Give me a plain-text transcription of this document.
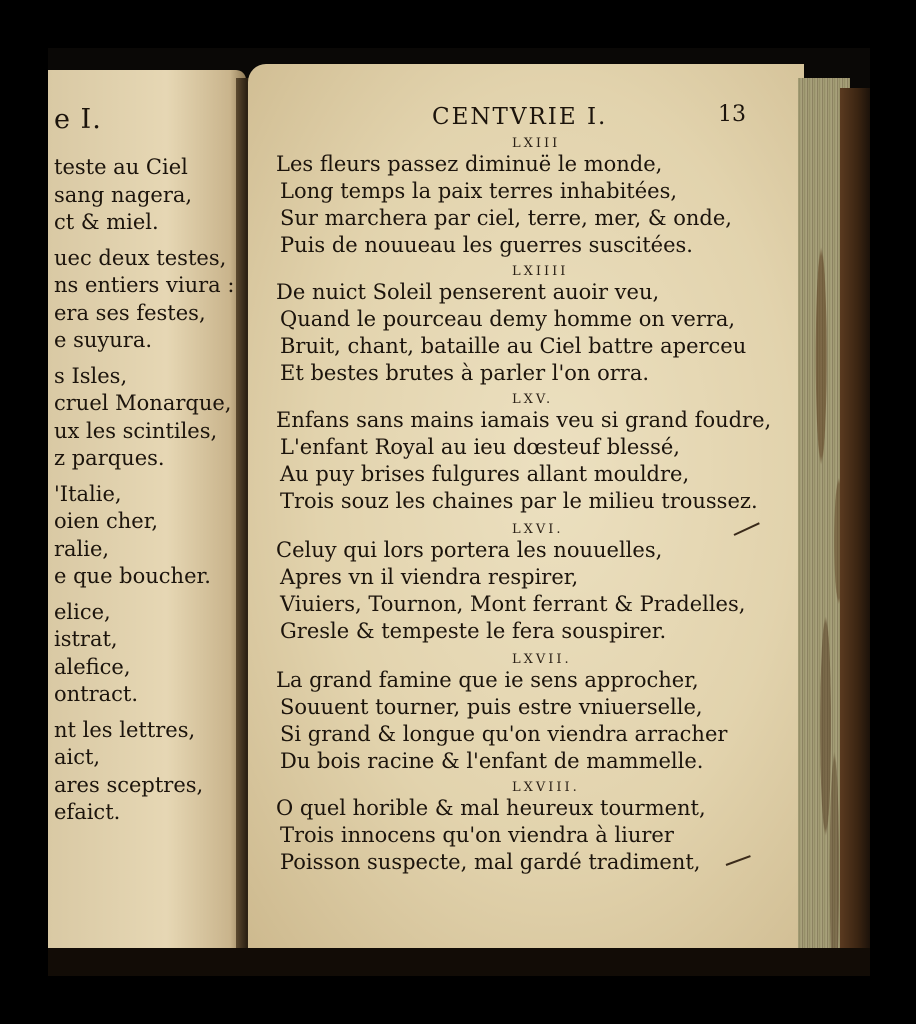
e I.
teste au Ciel
sang nagera,
ct & miel.
uec deux testes,
ns entiers viura :
era ses festes,
e suyura.
s Isles,
cruel Monarque,
ux les scintiles,
z parques.
'Italie,
oien cher,
ralie,
e que boucher.
elice,
istrat,
alefice,
ontract.
nt les lettres,
aict,
ares sceptres,
efaict.
CENTVRIE I.	13
LXIII
Les fleurs passez diminuë le monde,
Long temps la paix terres inhabitées,
Sur marchera par ciel, terre, mer, & onde,
Puis de nouueau les guerres suscitées.
LXIIII
De nuict Soleil penserent auoir veu,
Quand le pourceau demy homme on verra,
Bruit, chant, bataille au Ciel battre aperceu
Et bestes brutes à parler l'on orra.
LXV.
Enfans sans mains iamais veu si grand foudre,
L'enfant Royal au ieu dœsteuf blessé,
Au puy brises fulgures allant mouldre,
Trois souz les chaines par le milieu troussez.
LXVI.
Celuy qui lors portera les nouuelles,
Apres vn il viendra respirer,
Viuiers, Tournon, Mont ferrant & Pradelles,
Gresle & tempeste le fera souspirer.
LXVII.
La grand famine que ie sens approcher,
Souuent tourner, puis estre vniuerselle,
Si grand & longue qu'on viendra arracher
Du bois racine & l'enfant de mammelle.
LXVIII.
O quel horible & mal heureux tourment,
Trois innocens qu'on viendra à liurer
Poisson suspecte, mal gardé tradiment,
